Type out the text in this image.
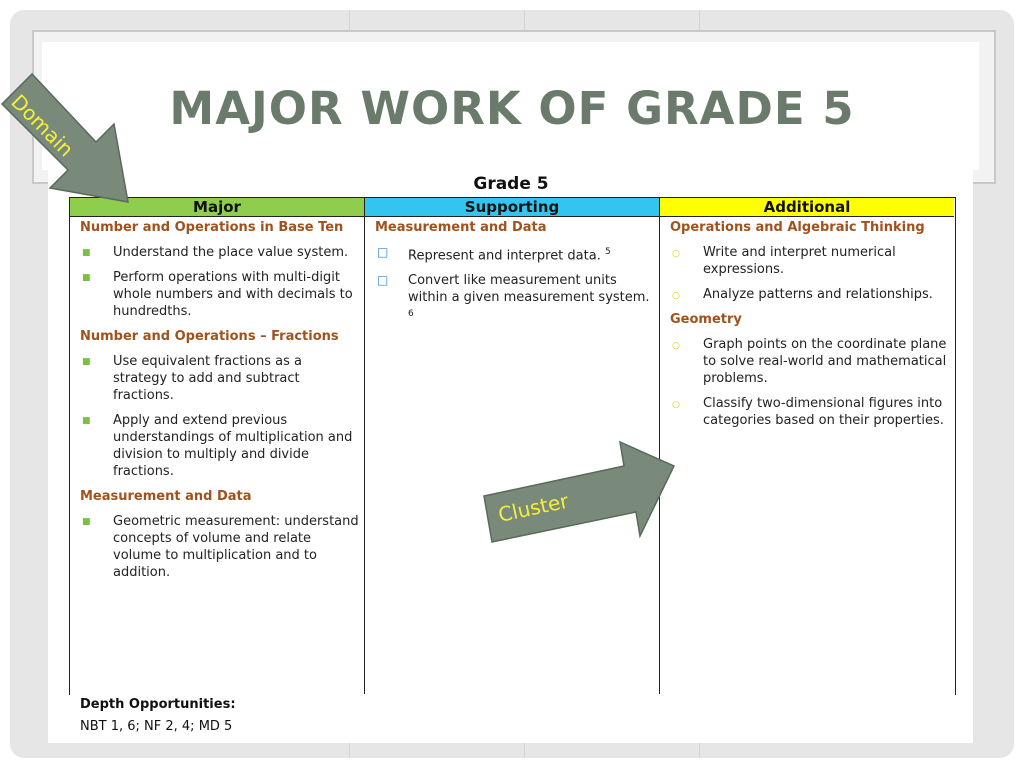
MAJOR WORK OF GRADE 5
Grade 5
Major	Supporting	Additional
Number and Operations in Base Ten
■ Understand the place value system.
■ Perform operations with multi-digit whole numbers and with decimals to hundredths.
Number and Operations – Fractions
■ Use equivalent fractions as a strategy to add and subtract fractions.
■ Apply and extend previous understandings of multiplication and division to multiply and divide fractions.
Measurement and Data
■ Geometric measurement: understand concepts of volume and relate volume to multiplication and to addition.
Measurement and Data
□ Represent and interpret data. $^5$
□ Convert like measurement units within a given measurement system. $^6$
Operations and Algebraic Thinking
○ Write and interpret numerical expressions.
○ Analyze patterns and relationships.
Geometry
○ Graph points on the coordinate plane to solve real-world and mathematical problems.
○ Classify two-dimensional figures into categories based on their properties.
Depth Opportunities:
NBT 1, 6; NF 2, 4; MD 5
Domain
Cluster
